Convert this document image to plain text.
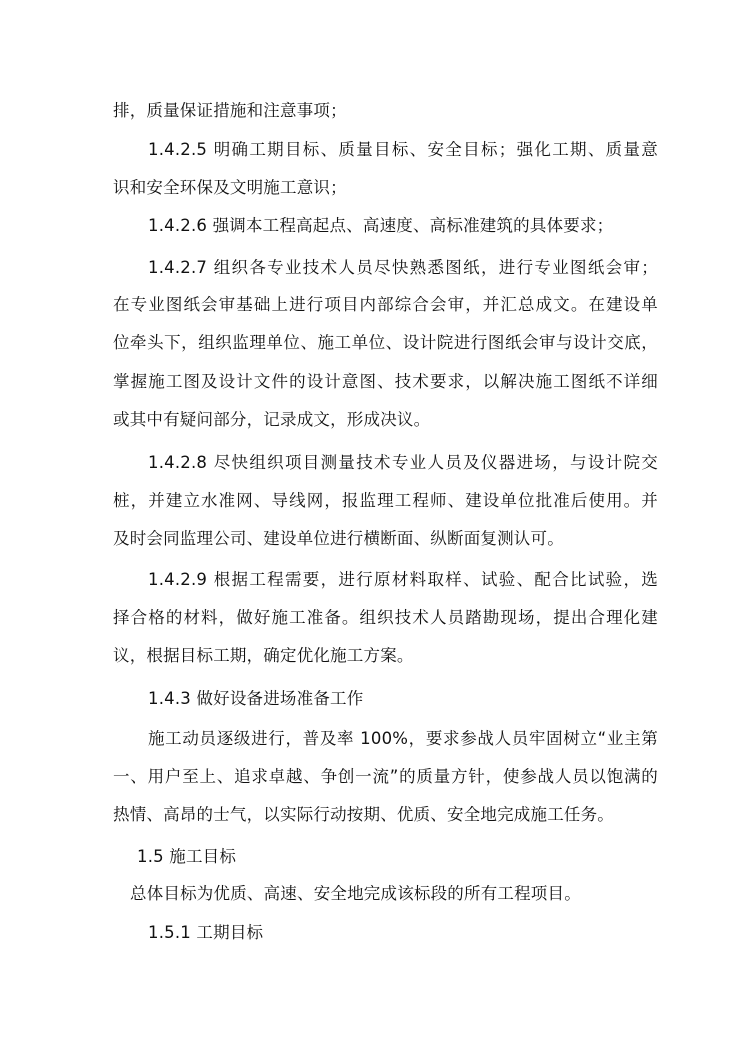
排，质量保证措施和注意事项；
1.4.2.5 明确工期目标、质量目标、安全目标；强化工期、质量意
识和安全环保及文明施工意识；
1.4.2.6 强调本工程高起点、高速度、高标准建筑的具体要求；
1.4.2.7 组织各专业技术人员尽快熟悉图纸，进行专业图纸会审；
在专业图纸会审基础上进行项目内部综合会审，并汇总成文。在建设单
位牵头下，组织监理单位、施工单位、设计院进行图纸会审与设计交底，
掌握施工图及设计文件的设计意图、技术要求，以解决施工图纸不详细
或其中有疑问部分，记录成文，形成决议。
1.4.2.8 尽快组织项目测量技术专业人员及仪器进场，与设计院交
桩，并建立水准网、导线网，报监理工程师、建设单位批准后使用。并
及时会同监理公司、建设单位进行横断面、纵断面复测认可。
1.4.2.9 根据工程需要，进行原材料取样、试验、配合比试验，选
择合格的材料，做好施工准备。组织技术人员踏勘现场，提出合理化建
议，根据目标工期，确定优化施工方案。
1.4.3 做好设备进场准备工作
施工动员逐级进行，普及率 100%，要求参战人员牢固树立“业主第
一、用户至上、追求卓越、争创一流”的质量方针，使参战人员以饱满的
热情、高昂的士气，以实际行动按期、优质、安全地完成施工任务。
1.5 施工目标
总体目标为优质、高速、安全地完成该标段的所有工程项目。
1.5.1 工期目标
